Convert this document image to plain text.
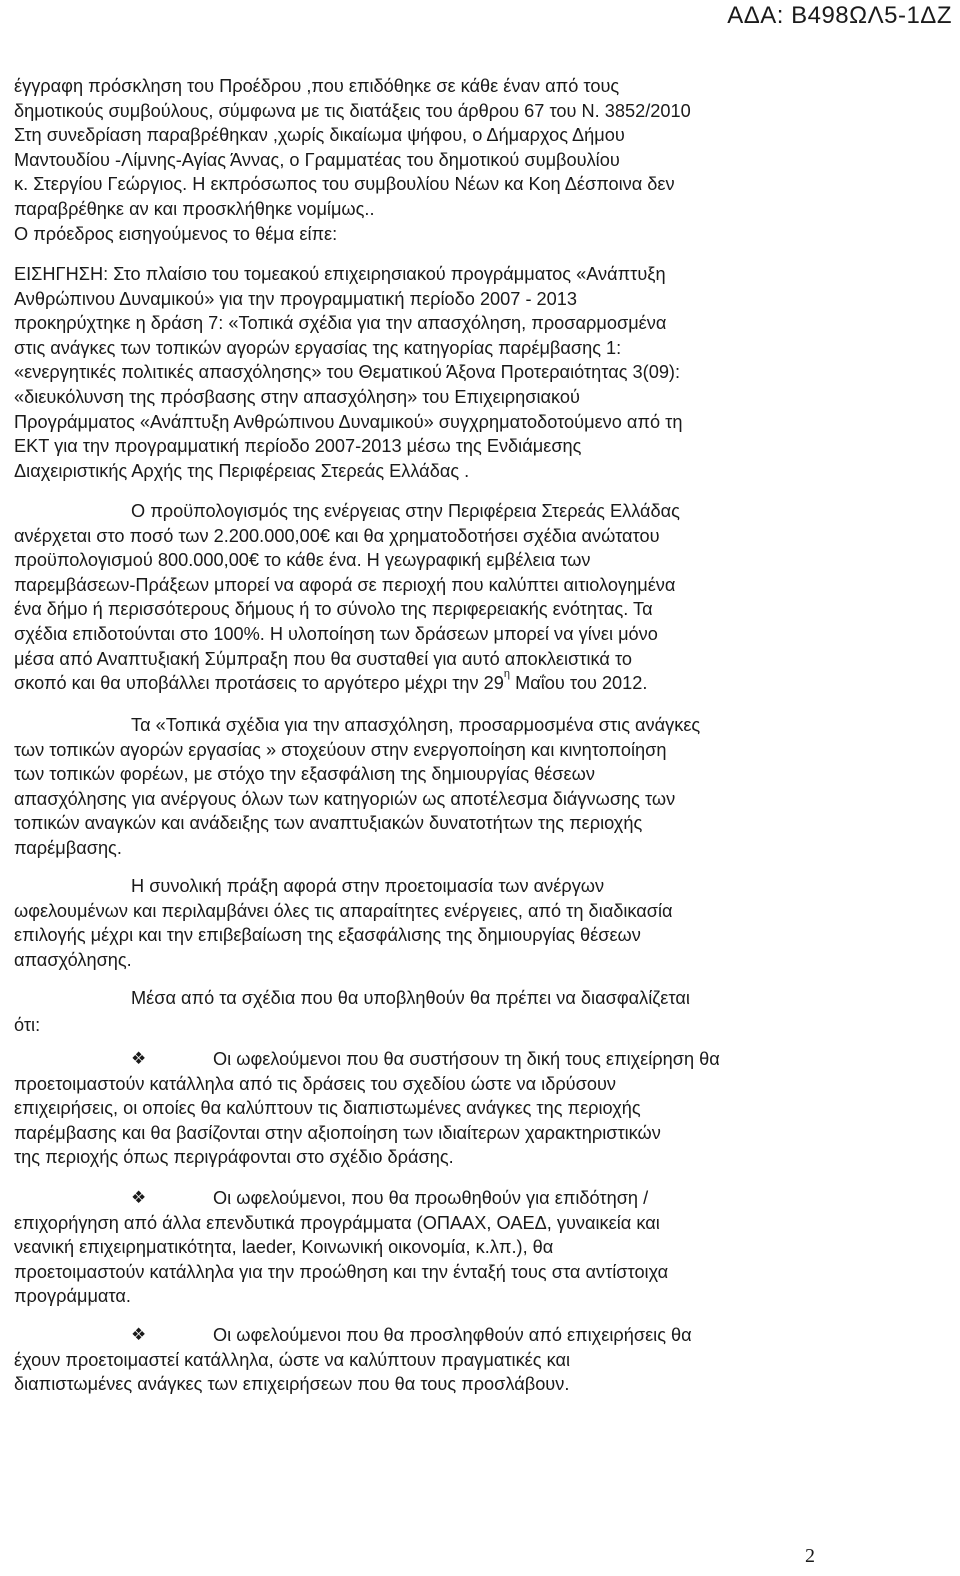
ΑΔΑ: Β498ΩΛ5-1ΔΖ
έγγραφη πρόσκληση του Προέδρου ,που επιδόθηκε σε κάθε έναν από τους
δημοτικούς συμβούλους, σύμφωνα με τις διατάξεις του άρθρου 67 του Ν. 3852/2010
Στη συνεδρίαση παραβρέθηκαν ,χωρίς δικαίωμα ψήφου, ο Δήμαρχος Δήμου
Μαντουδίου -Λίμνης-Αγίας Άννας, ο Γραμματέας του δημοτικού συμβουλίου
κ. Στεργίου Γεώργιος. Η εκπρόσωπος του συμβουλίου Νέων κα Κοη Δέσποινα δεν
παραβρέθηκε αν και προσκλήθηκε νομίμως..
Ο πρόεδρος εισηγούμενος το θέμα είπε:
ΕΙΣΗΓΗΣΗ: Στο πλαίσιο του τομεακού επιχειρησιακού προγράμματος «Ανάπτυξη
Ανθρώπινου Δυναμικού» για την προγραμματική περίοδο 2007 - 2013
προκηρύχτηκε η δράση 7: «Τοπικά σχέδια για την απασχόληση, προσαρμοσμένα
στις ανάγκες των τοπικών αγορών εργασίας της κατηγορίας παρέμβασης 1:
«ενεργητικές πολιτικές απασχόλησης» του Θεματικού Άξονα Προτεραιότητας 3(09):
«διευκόλυνση της πρόσβασης στην απασχόληση» του Επιχειρησιακού
Προγράμματος «Ανάπτυξη Ανθρώπινου Δυναμικού» συγχρηματοδοτούμενο από τη
ΕΚΤ για την προγραμματική περίοδο 2007-2013 μέσω της Ενδιάμεσης
Διαχειριστικής Αρχής της Περιφέρειας Στερεάς Ελλάδας .
Ο προϋπολογισμός της ενέργειας στην Περιφέρεια Στερεάς Ελλάδας
ανέρχεται στο ποσό των 2.200.000,00€ και θα χρηματοδοτήσει σχέδια ανώτατου
προϋπολογισμού 800.000,00€ το κάθε ένα. Η γεωγραφική εμβέλεια των
παρεμβάσεων-Πράξεων μπορεί να αφορά σε περιοχή που καλύπτει αιτιολογημένα
ένα δήμο ή περισσότερους δήμους ή το σύνολο της περιφερειακής ενότητας. Τα
σχέδια επιδοτούνται στο 100%. Η υλοποίηση των δράσεων μπορεί να γίνει μόνο
μέσα από Αναπτυξιακή Σύμπραξη που θα συσταθεί για αυτό αποκλειστικά το
σκοπό και θα υποβάλλει προτάσεις το αργότερο μέχρι την $29^\eta$ Μαΐου του 2012.
Τα «Τοπικά σχέδια για την απασχόληση, προσαρμοσμένα στις ανάγκες
των τοπικών αγορών εργασίας » στοχεύουν στην ενεργοποίηση και κινητοποίηση
των τοπικών φορέων, με στόχο την εξασφάλιση της δημιουργίας θέσεων
απασχόλησης για ανέργους όλων των κατηγοριών ως αποτέλεσμα διάγνωσης των
τοπικών αναγκών και ανάδειξης των αναπτυξιακών δυνατοτήτων της περιοχής
παρέμβασης.
Η συνολική πράξη αφορά στην προετοιμασία των ανέργων
ωφελουμένων και περιλαμβάνει όλες τις απαραίτητες ενέργειες, από τη διαδικασία
επιλογής μέχρι και την επιβεβαίωση της εξασφάλισης της δημιουργίας θέσεων
απασχόλησης.
Μέσα από τα σχέδια που θα υποβληθούν θα πρέπει να διασφαλίζεται
ότι:
❖	Οι ωφελούμενοι που θα συστήσουν τη δική τους επιχείρηση θα
προετοιμαστούν κατάλληλα από τις δράσεις του σχεδίου ώστε να ιδρύσουν
επιχειρήσεις, οι οποίες θα καλύπτουν τις διαπιστωμένες ανάγκες της περιοχής
παρέμβασης και θα βασίζονται στην αξιοποίηση των ιδιαίτερων χαρακτηριστικών
της περιοχής όπως περιγράφονται στο σχέδιο δράσης.
❖	Οι ωφελούμενοι, που θα προωθηθούν για επιδότηση /
επιχορήγηση από άλλα επενδυτικά προγράμματα (ΟΠΑΑΧ, ΟΑΕΔ, γυναικεία και
νεανική επιχειρηματικότητα, laeder, Κοινωνική οικονομία, κ.λπ.), θα
προετοιμαστούν κατάλληλα για την προώθηση και την ένταξή τους στα αντίστοιχα
προγράμματα.
❖	Οι ωφελούμενοι που θα προσληφθούν από επιχειρήσεις θα
έχουν προετοιμαστεί κατάλληλα, ώστε να καλύπτουν πραγματικές και
διαπιστωμένες ανάγκες των επιχειρήσεων που θα τους προσλάβουν.
2
